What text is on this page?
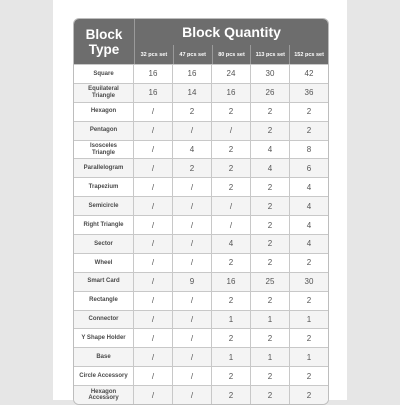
Block
Type
Block Quantity
32 pcs set	47 pcs set	80 pcs set	113 pcs set	152 pcs set
Square	16	16	24	30	42
Equilateral
Triangle	16	14	16	26	36
Hexagon	/	2	2	2	2
Pentagon	/	/	/	2	2
Isosceles
Triangle	/	4	2	4	8
Parallelogram	/	2	2	4	6
Trapezium	/	/	2	2	4
Semicircle	/	/	/	2	4
Right Triangle	/	/	/	2	4
Sector	/	/	4	2	4
Wheel	/	/	2	2	2
Smart Card	/	9	16	25	30
Rectangle	/	/	2	2	2
Connector	/	/	1	1	1
Y Shape Holder	/	/	2	2	2
Base	/	/	1	1	1
Circle Accessory	/	/	2	2	2
Hexagon
Accessory	/	/	2	2	2
